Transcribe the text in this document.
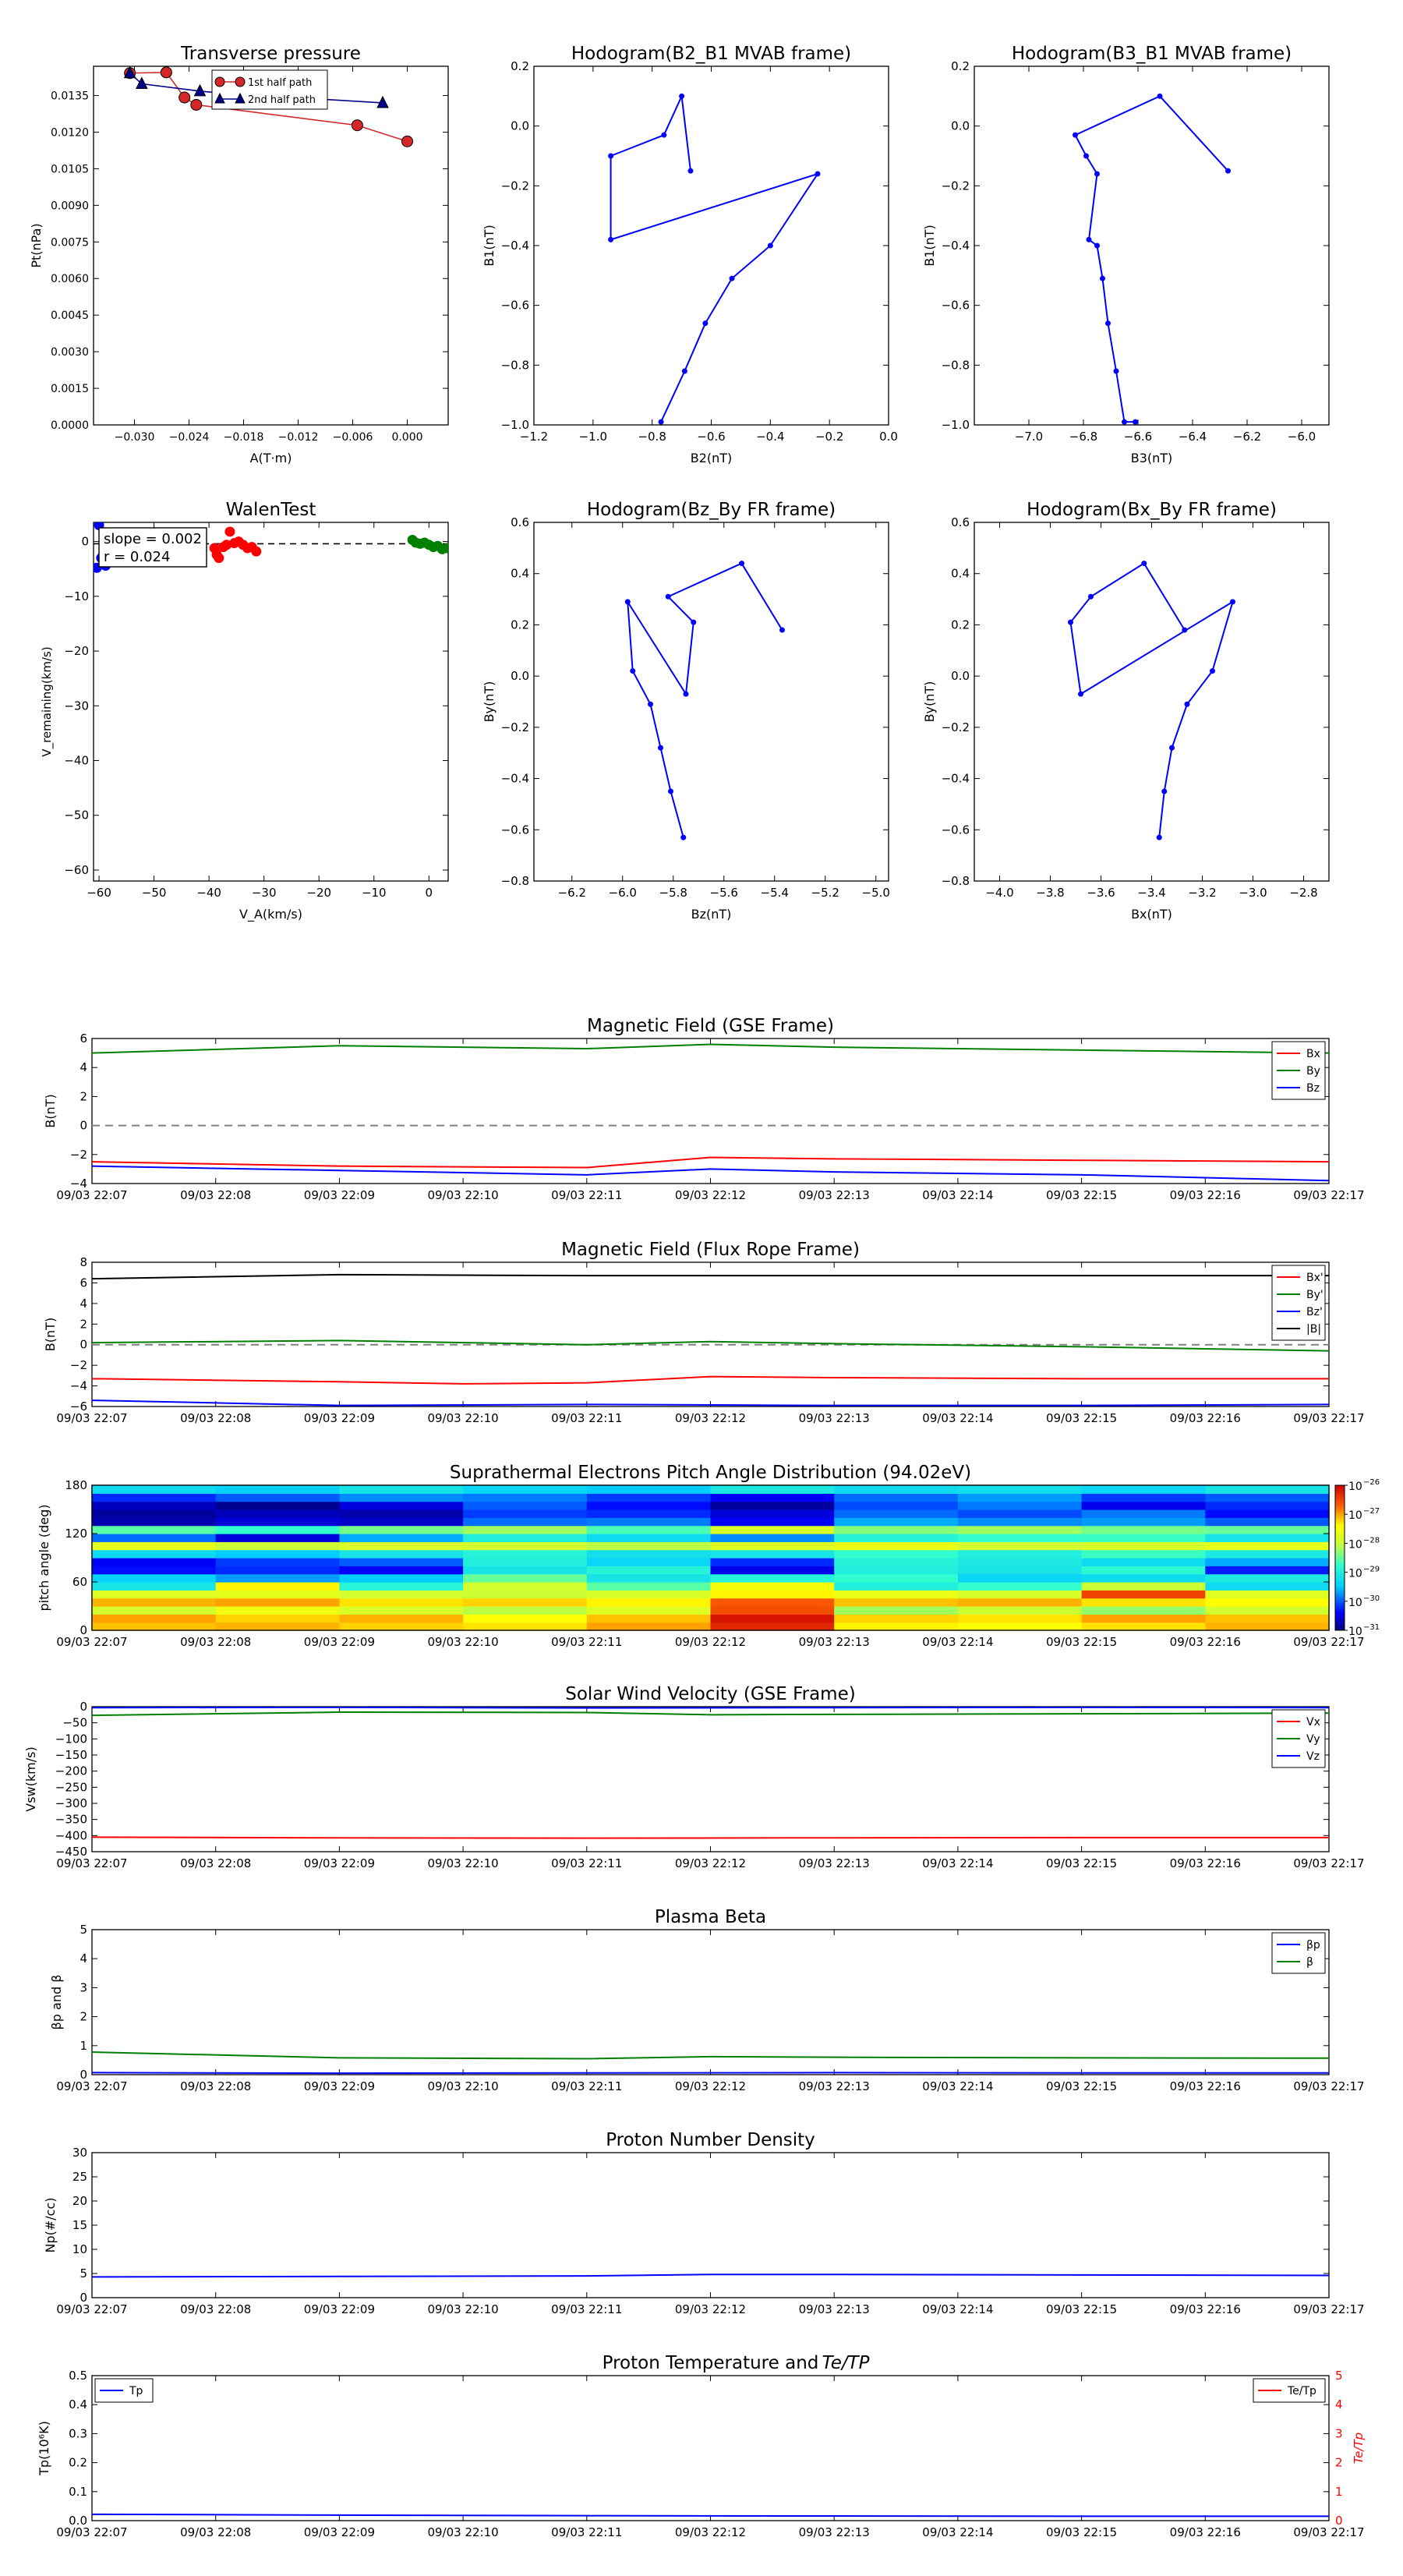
Transverse pressure
−0.030 −0.024 −0.018 −0.012 −0.006 0.000
0.0000
0.0015
0.0030
0.0045
0.0060
0.0075
0.0090
0.0105
0.0120
0.0135
A(T·m)
Pt(nPa)
1st half path
2nd half path
Hodogram(B2_B1 MVAB frame)
−1.2	−1.0	−0.8	−0.6	−0.4	−0.2	0.0
−1.0
−0.8
−0.6
−0.4
−0.2
0.0
0.2
B2(nT)
B1(nT)
Hodogram(B3_B1 MVAB frame)
−7.0 −6.8 −6.6 −6.4 −6.2 −6.0
−1.0
−0.8
−0.6
−0.4
−0.2
0.0
0.2
B3(nT)
B1(nT)
Hodogram(Bz_By FR frame)
−6.2 −6.0 −5.8 −5.6 −5.4 −5.2 −5.0
−0.8
−0.6
−0.4
−0.2
0.0
0.2
0.4
0.6
Bz(nT)
By(nT)
Hodogram(Bx_By FR frame)
−4.0 −3.8 −3.6 −3.4 −3.2 −3.0 −2.8
−0.8
−0.6
−0.4
−0.2
0.0
0.2
0.4
0.6
Bx(nT)
By(nT)
WalenTest
−60	−50	−40	−30	−20	−10	0
−60
−50
−40
−30
−20
−10
0
V_A(km/s)
V_remaining(km/s)
slope = 0.002
r = 0.024
Magnetic Field (GSE Frame)
09/03 22:07	09/03 22:08	09/03 22:09	09/03 22:10	09/03 22:11	09/03 22:12	09/03 22:13	09/03 22:14	09/03 22:15	09/03 22:16	09/03 22:17
−4
−2
0
2
4
6
B(nT)
Bx
By
Bz
Magnetic Field (Flux Rope Frame)
09/03 22:07	09/03 22:08	09/03 22:09	09/03 22:10	09/03 22:11	09/03 22:12	09/03 22:13	09/03 22:14	09/03 22:15	09/03 22:16	09/03 22:17
−6
−4
−2
0
2
4
6
8
B(nT)
Bx'
By'
Bz'
|B|
Suprathermal Electrons Pitch Angle Distribution (94.02eV)
09/03 22:07	09/03 22:08	09/03 22:09	09/03 22:10	09/03 22:11	09/03 22:12	09/03 22:13	09/03 22:14	09/03 22:15	09/03 22:16	09/03 22:17
0
60
120
180
pitch angle (deg)
10 −26
10 −27
10 −28
10 −29
10 −30
10 −31
Solar Wind Velocity (GSE Frame)
09/03 22:07	09/03 22:08	09/03 22:09	09/03 22:10	09/03 22:11	09/03 22:12	09/03 22:13	09/03 22:14	09/03 22:15	09/03 22:16	09/03 22:17
−450
−400
−350
−300
−250
−200
−150
−100
−50
0
Vsw(km/s)
Vx
Vy
Vz
Plasma Beta
09/03 22:07	09/03 22:08	09/03 22:09	09/03 22:10	09/03 22:11	09/03 22:12	09/03 22:13	09/03 22:14	09/03 22:15	09/03 22:16	09/03 22:17
0
1
2
3
4
5
βp and β
βp
β
Proton Number Density
09/03 22:07	09/03 22:08	09/03 22:09	09/03 22:10	09/03 22:11	09/03 22:12	09/03 22:13	09/03 22:14	09/03 22:15	09/03 22:16	09/03 22:17
0
5
10
15
20
25
30
Np(#/cc)
Proton Temperature and
09/03 22:07	09/03 22:08	09/03 22:09	09/03 22:10	09/03 22:11	09/03 22:12	09/03 22:13	09/03 22:14	09/03 22:15	09/03 22:16	09/03 22:17
0.0
0.1
0.2
0.3
0.4
0.5
Tp(10⁶K)
Te/TP
0
1
2
3
4
5
Te/Tp
Tp	Te/Tp
